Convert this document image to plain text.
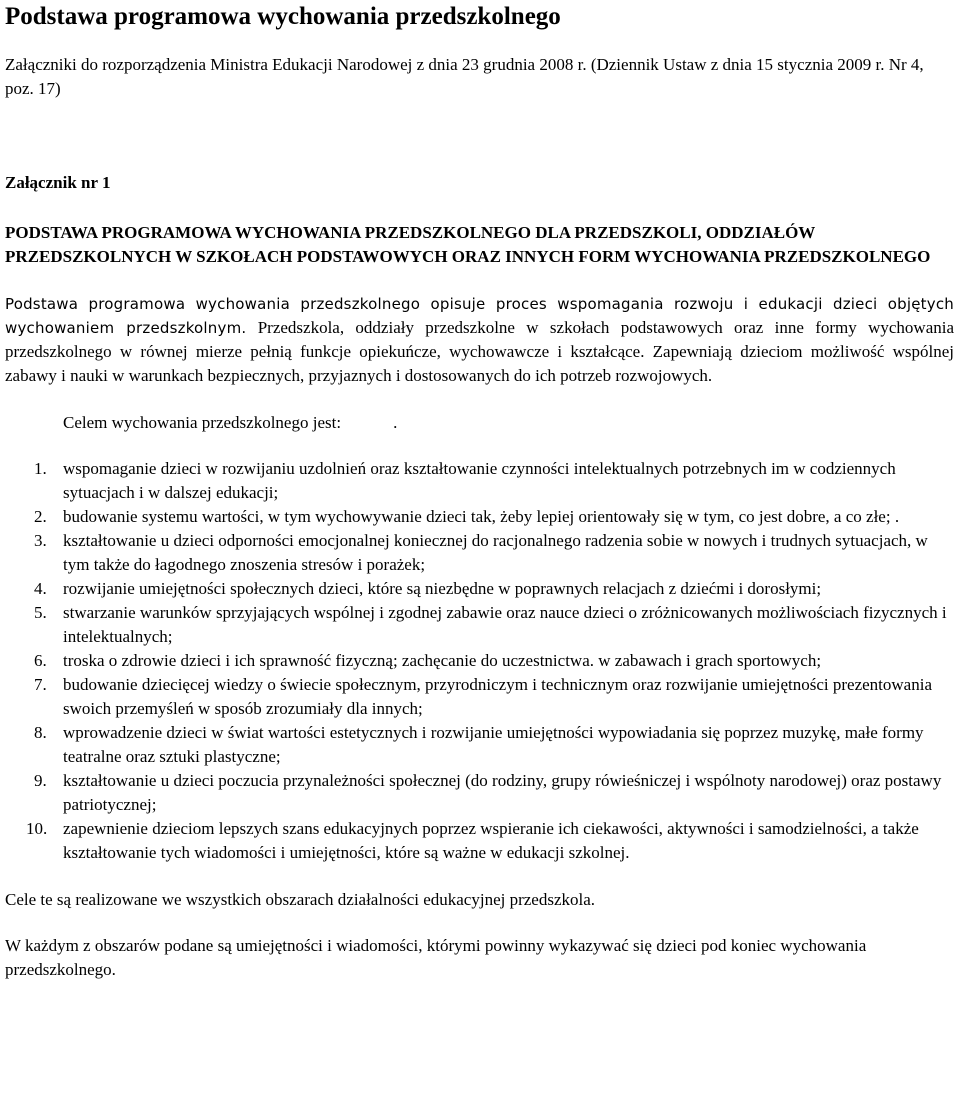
Podstawa programowa wychowania przedszkolnego

Załączniki do rozporządzenia Ministra Edukacji Narodowej z dnia 23 grudnia 2008 r. (Dziennik Ustaw z dnia 15 stycznia 2009 r. Nr 4, poz. 17)

Załącznik nr 1

PODSTAWA PROGRAMOWA WYCHOWANIA PRZEDSZKOLNEGO DLA PRZEDSZKOLI, ODDZIAŁÓW PRZEDSZKOLNYCH W SZKOŁACH PODSTAWOWYCH ORAZ INNYCH FORM WYCHOWANIA PRZEDSZKOLNEGO

Podstawa programowa wychowania przedszkolnego opisuje proces wspomagania rozwoju i edukacji dzieci objętych wychowaniem przedszkolnym. Przedszkola, oddziały przedszkolne w szkołach podstawowych oraz inne formy wychowania przedszkolnego w równej mierze pełnią funkcje opiekuńcze, wychowawcze i kształcące. Zapewniają dzieciom możliwość wspólnej zabawy i nauki w warunkach bezpiecznych, przyjaznych i dostosowanych do ich potrzeb rozwojowych.

Celem wychowania przedszkolnego jest:	.

1. wspomaganie dzieci w rozwijaniu uzdolnień oraz kształtowanie czynności intelektualnych potrzebnych im w codziennych sytuacjach i w dalszej edukacji;
2. budowanie systemu wartości, w tym wychowywanie dzieci tak, żeby lepiej orientowały się w tym, co jest dobre, a co złe; .
3. kształtowanie u dzieci odporności emocjonalnej koniecznej do racjonalnego radzenia sobie w nowych i trudnych sytuacjach, w tym także do łagodnego znoszenia stresów i porażek;
4. rozwijanie umiejętności społecznych dzieci, które są niezbędne w poprawnych relacjach z dziećmi i dorosłymi;
5. stwarzanie warunków sprzyjających wspólnej i zgodnej zabawie oraz nauce dzieci o zróżnicowanych możliwościach fizycznych i intelektualnych;
6. troska o zdrowie dzieci i ich sprawność fizyczną; zachęcanie do uczestnictwa. w zabawach i grach sportowych;
7. budowanie dziecięcej wiedzy o świecie społecznym, przyrodniczym i technicznym oraz rozwijanie umiejętności prezentowania swoich przemyśleń w sposób zrozumiały dla innych;
8. wprowadzenie dzieci w świat wartości estetycznych i rozwijanie umiejętności wypowiadania się poprzez muzykę, małe formy teatralne oraz sztuki plastyczne;
9. kształtowanie u dzieci poczucia przynależności społecznej (do rodziny, grupy rówieśniczej i wspólnoty narodowej) oraz postawy patriotycznej;
10. zapewnienie dzieciom lepszych szans edukacyjnych poprzez wspieranie ich ciekawości, aktywności i samodzielności, a także kształtowanie tych wiadomości i umiejętności, które są ważne w edukacji szkolnej.

Cele te są realizowane we wszystkich obszarach działalności edukacyjnej przedszkola.

W każdym z obszarów podane są umiejętności i wiadomości, którymi powinny wykazywać się dzieci pod koniec wychowania przedszkolnego.
